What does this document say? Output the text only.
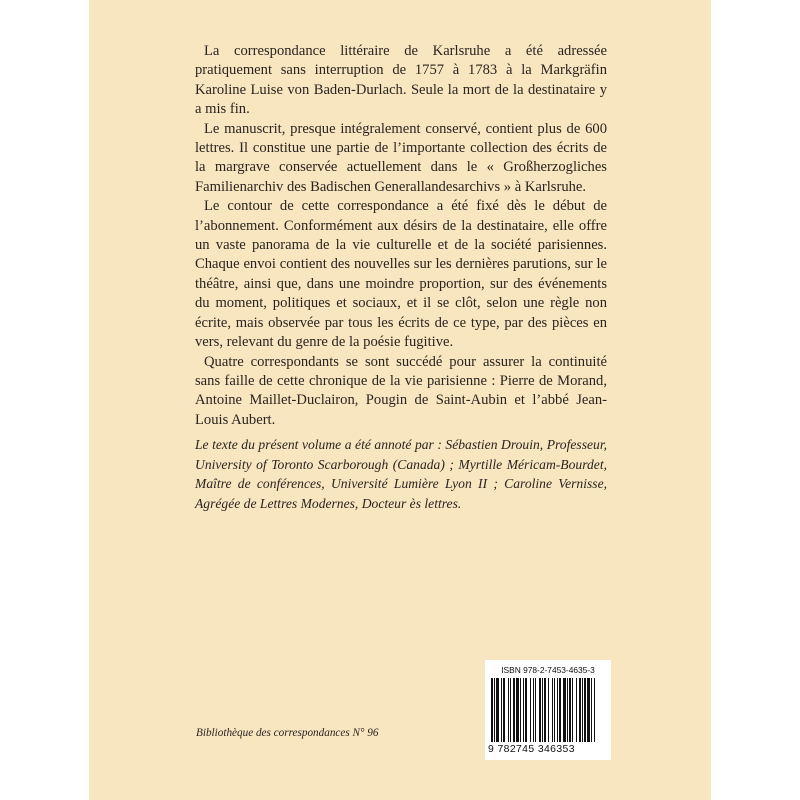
La correspondance littéraire de Karlsruhe a été adressée pratiquement sans interruption de 1757 à 1783 à la Markgräfin Karoline Luise von Baden-Durlach. Seule la mort de la destinataire y a mis fin.

Le manuscrit, presque intégralement conservé, contient plus de 600 lettres. Il constitue une partie de l’importante collection des écrits de la margrave conservée actuellement dans le « Großherzogliches Familienarchiv des Badischen Generallandesarchivs » à Karlsruhe.

Le contour de cette correspondance a été fixé dès le début de l’abonnement. Conformément aux désirs de la destinataire, elle offre un vaste panorama de la vie culturelle et de la société parisiennes. Chaque envoi contient des nouvelles sur les dernières parutions, sur le théâtre, ainsi que, dans une moindre proportion, sur des événements du moment, politiques et sociaux, et il se clôt, selon une règle non écrite, mais observée par tous les écrits de ce type, par des pièces en vers, relevant du genre de la poésie fugitive.

Quatre correspondants se sont succédé pour assurer la continuité sans faille de cette chronique de la vie parisienne : Pierre de Morand, Antoine Maillet-Duclairon, Pougin de Saint-Aubin et l’abbé Jean-Louis Aubert.

Le texte du présent volume a été annoté par : Sébastien Drouin, Professeur, University of Toronto Scarborough (Canada) ; Myrtille Méricam-Bourdet, Maître de conférences, Université Lumière Lyon II ; Caroline Vernisse, Agrégée de Lettres Modernes, Docteur ès lettres.
Bibliothèque des correspondances N° 96
ISBN 978-2-7453-4635-3
9 782745 346353
